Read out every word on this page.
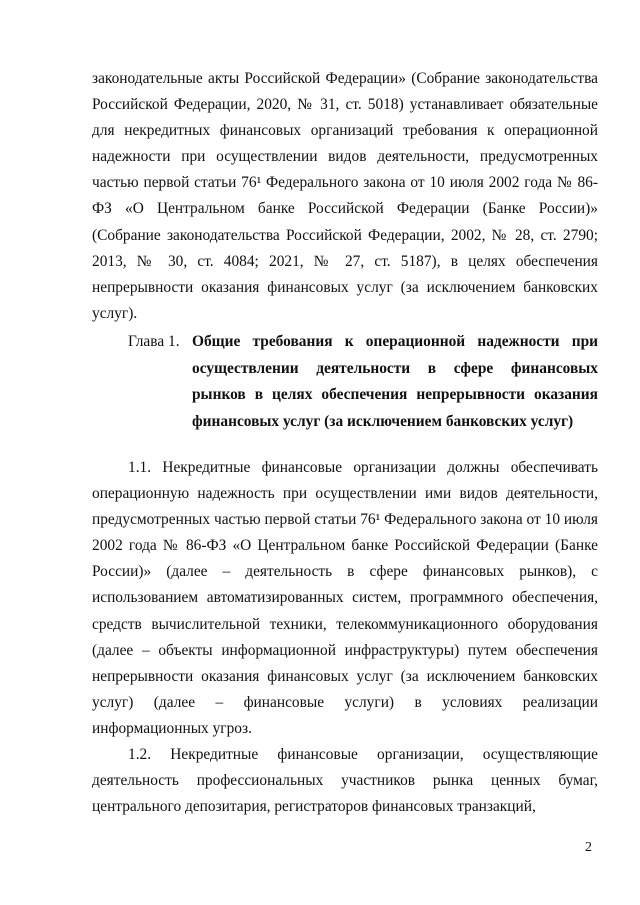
законодательные акты Российской Федерации» (Собрание законодательства Российской Федерации, 2020, № 31, ст. 5018) устанавливает обязательные для некредитных финансовых организаций требования к операционной надежности при осуществлении видов деятельности, предусмотренных частью первой статьи 76¹ Федерального закона от 10 июля 2002 года № 86-ФЗ «О Центральном банке Российской Федерации (Банке России)» (Собрание законодательства Российской Федерации, 2002, № 28, ст. 2790; 2013, № 30, ст. 4084; 2021, № 27, ст. 5187), в целях обеспечения непрерывности оказания финансовых услуг (за исключением банковских услуг).

Глава 1. Общие требования к операционной надежности при осуществлении деятельности в сфере финансовых рынков в целях обеспечения непрерывности оказания финансовых услуг (за исключением банковских услуг)

1.1. Некредитные финансовые организации должны обеспечивать операционную надежность при осуществлении ими видов деятельности, предусмотренных частью первой статьи 76¹ Федерального закона от 10 июля 2002 года № 86-ФЗ «О Центральном банке Российской Федерации (Банке России)» (далее – деятельность в сфере финансовых рынков), с использованием автоматизированных систем, программного обеспечения, средств вычислительной техники, телекоммуникационного оборудования (далее – объекты информационной инфраструктуры) путем обеспечения непрерывности оказания финансовых услуг (за исключением банковских услуг) (далее – финансовые услуги) в условиях реализации информационных угроз.

1.2. Некредитные финансовые организации, осуществляющие деятельность профессиональных участников рынка ценных бумаг, центрального депозитария, регистраторов финансовых транзакций,

2
